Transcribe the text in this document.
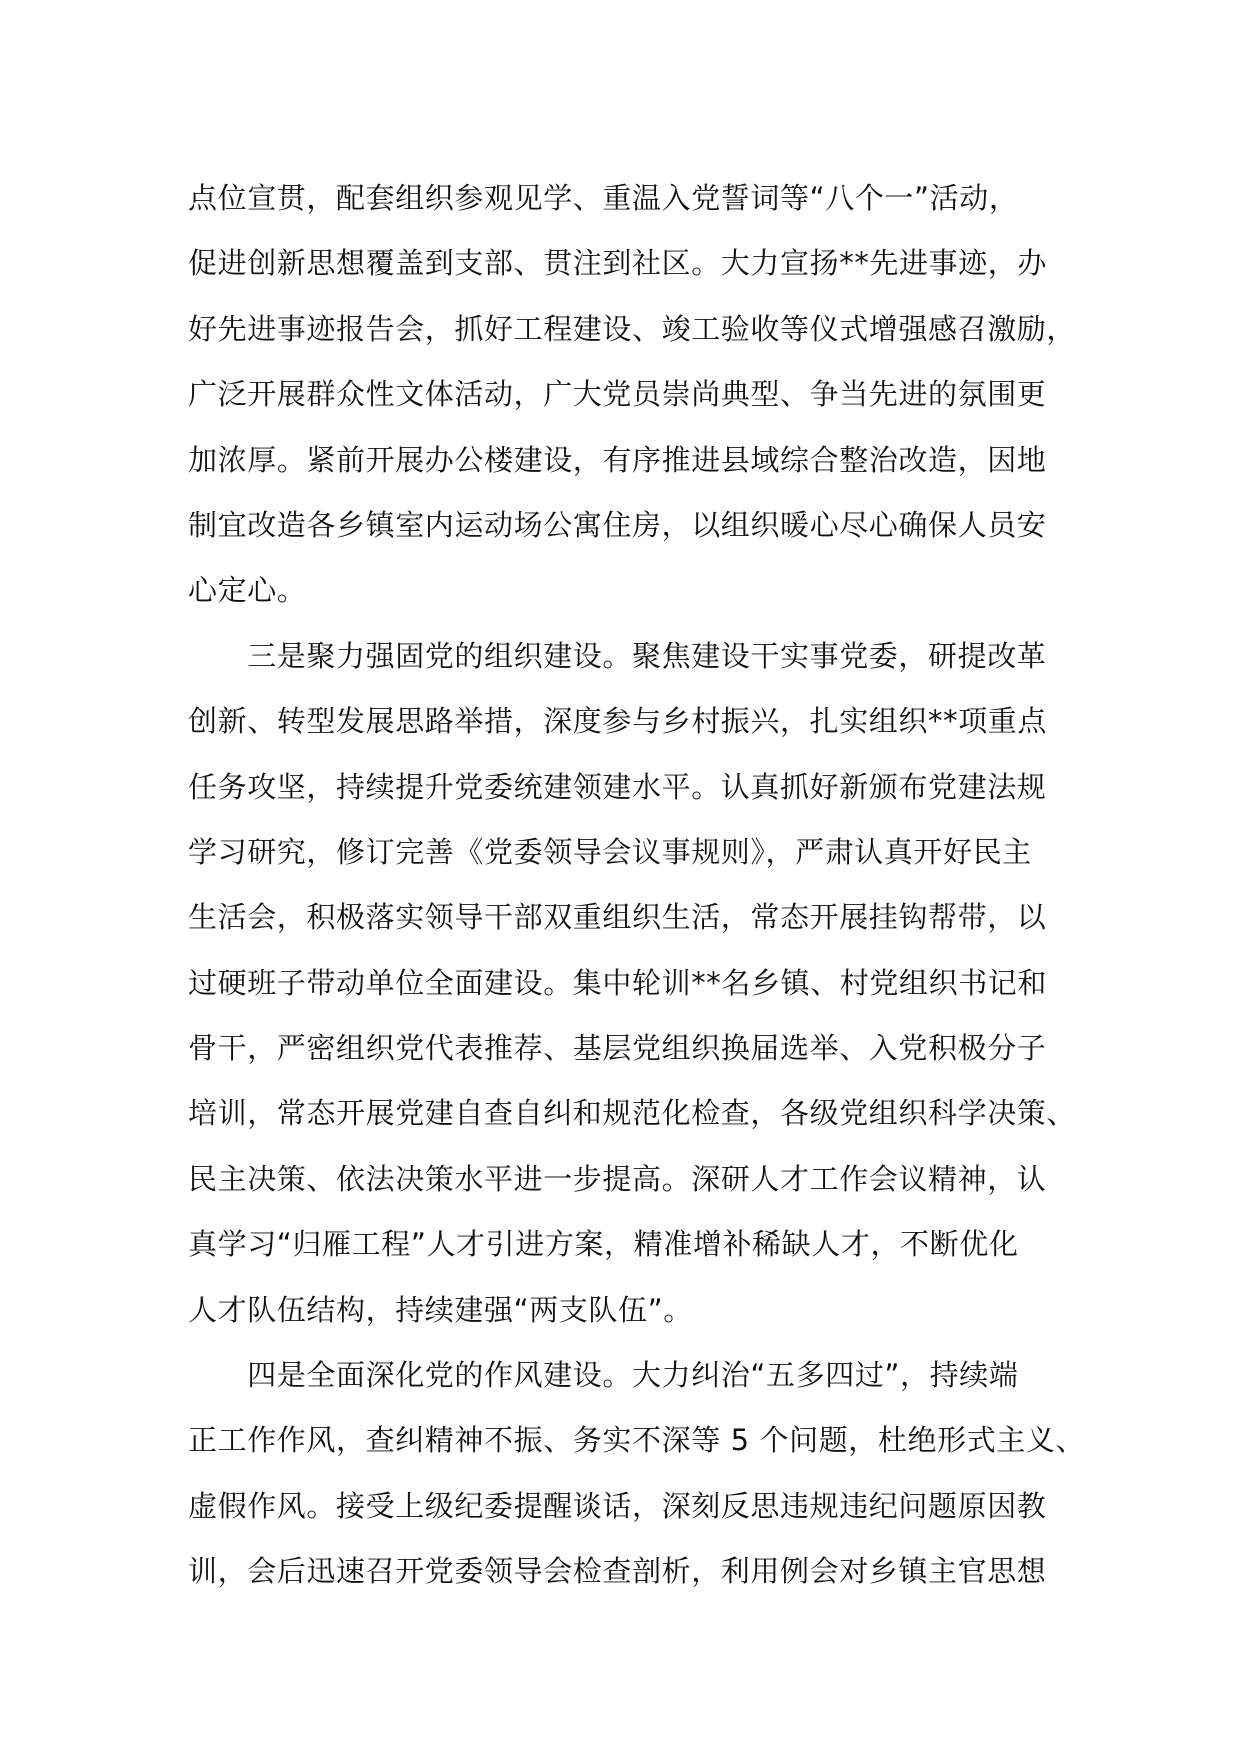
点位宣贯，配套组织参观见学、重温入党誓词等“八个一”活动，
促进创新思想覆盖到支部、贯注到社区。大力宣扬**先进事迹，办
好先进事迹报告会，抓好工程建设、竣工验收等仪式增强感召激励，
广泛开展群众性文体活动，广大党员崇尚典型、争当先进的氛围更
加浓厚。紧前开展办公楼建设，有序推进县域综合整治改造，因地
制宜改造各乡镇室内运动场公寓住房，以组织暖心尽心确保人员安
心定心。
　　三是聚力强固党的组织建设。聚焦建设干实事党委，研提改革
创新、转型发展思路举措，深度参与乡村振兴，扎实组织**项重点
任务攻坚，持续提升党委统建领建水平。认真抓好新颁布党建法规
学习研究，修订完善《党委领导会议事规则》，严肃认真开好民主
生活会，积极落实领导干部双重组织生活，常态开展挂钩帮带，以
过硬班子带动单位全面建设。集中轮训**名乡镇、村党组织书记和
骨干，严密组织党代表推荐、基层党组织换届选举、入党积极分子
培训，常态开展党建自查自纠和规范化检查，各级党组织科学决策、
民主决策、依法决策水平进一步提高。深研人才工作会议精神，认
真学习“归雁工程”人才引进方案，精准增补稀缺人才，不断优化
人才队伍结构，持续建强“两支队伍”。
　　四是全面深化党的作风建设。大力纠治“五多四过”，持续端
正工作作风，查纠精神不振、务实不深等 5 个问题，杜绝形式主义、
虚假作风。接受上级纪委提醒谈话，深刻反思违规违纪问题原因教
训，会后迅速召开党委领导会检查剖析，利用例会对乡镇主官思想
